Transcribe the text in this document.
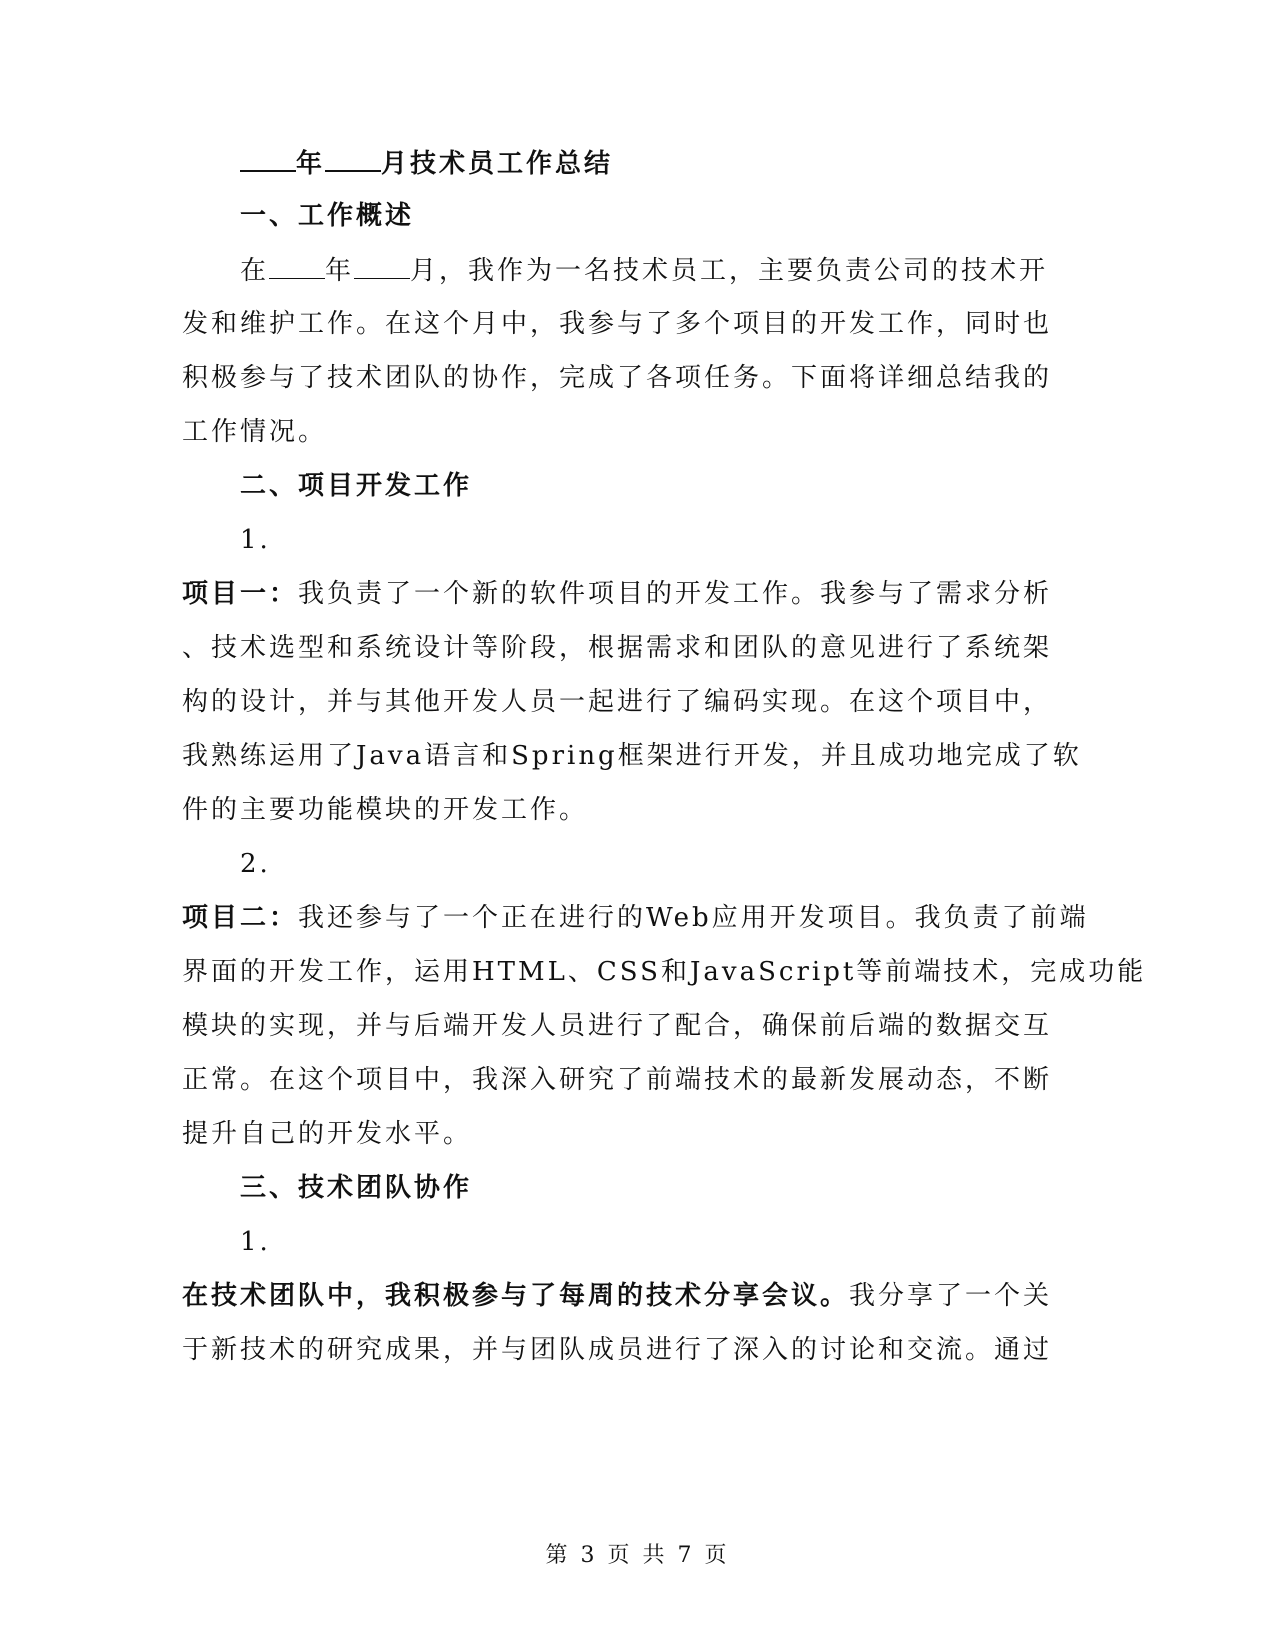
年 月技术员工作总结
一、工作概述
在 年 月，我作为一名技术员工，主要负责公司的技术开
发和维护工作。在这个月中，我参与了多个项目的开发工作，同时也
积极参与了技术团队的协作，完成了各项任务。下面将详细总结我的
工作情况。
二、项目开发工作
1.
项目一：我负责了一个新的软件项目的开发工作。我参与了需求分析
、技术选型和系统设计等阶段，根据需求和团队的意见进行了系统架
构的设计，并与其他开发人员一起进行了编码实现。在这个项目中，
我熟练运用了Java语言和Spring框架进行开发，并且成功地完成了软
件的主要功能模块的开发工作。
2.
项目二：我还参与了一个正在进行的Web应用开发项目。我负责了前端
界面的开发工作，运用HTML、CSS和JavaScript等前端技术，完成功能
模块的实现，并与后端开发人员进行了配合，确保前后端的数据交互
正常。在这个项目中，我深入研究了前端技术的最新发展动态，不断
提升自己的开发水平。
三、技术团队协作
1.
在技术团队中，我积极参与了每周的技术分享会议。我分享了一个关
于新技术的研究成果，并与团队成员进行了深入的讨论和交流。通过
第 3 页 共 7 页
